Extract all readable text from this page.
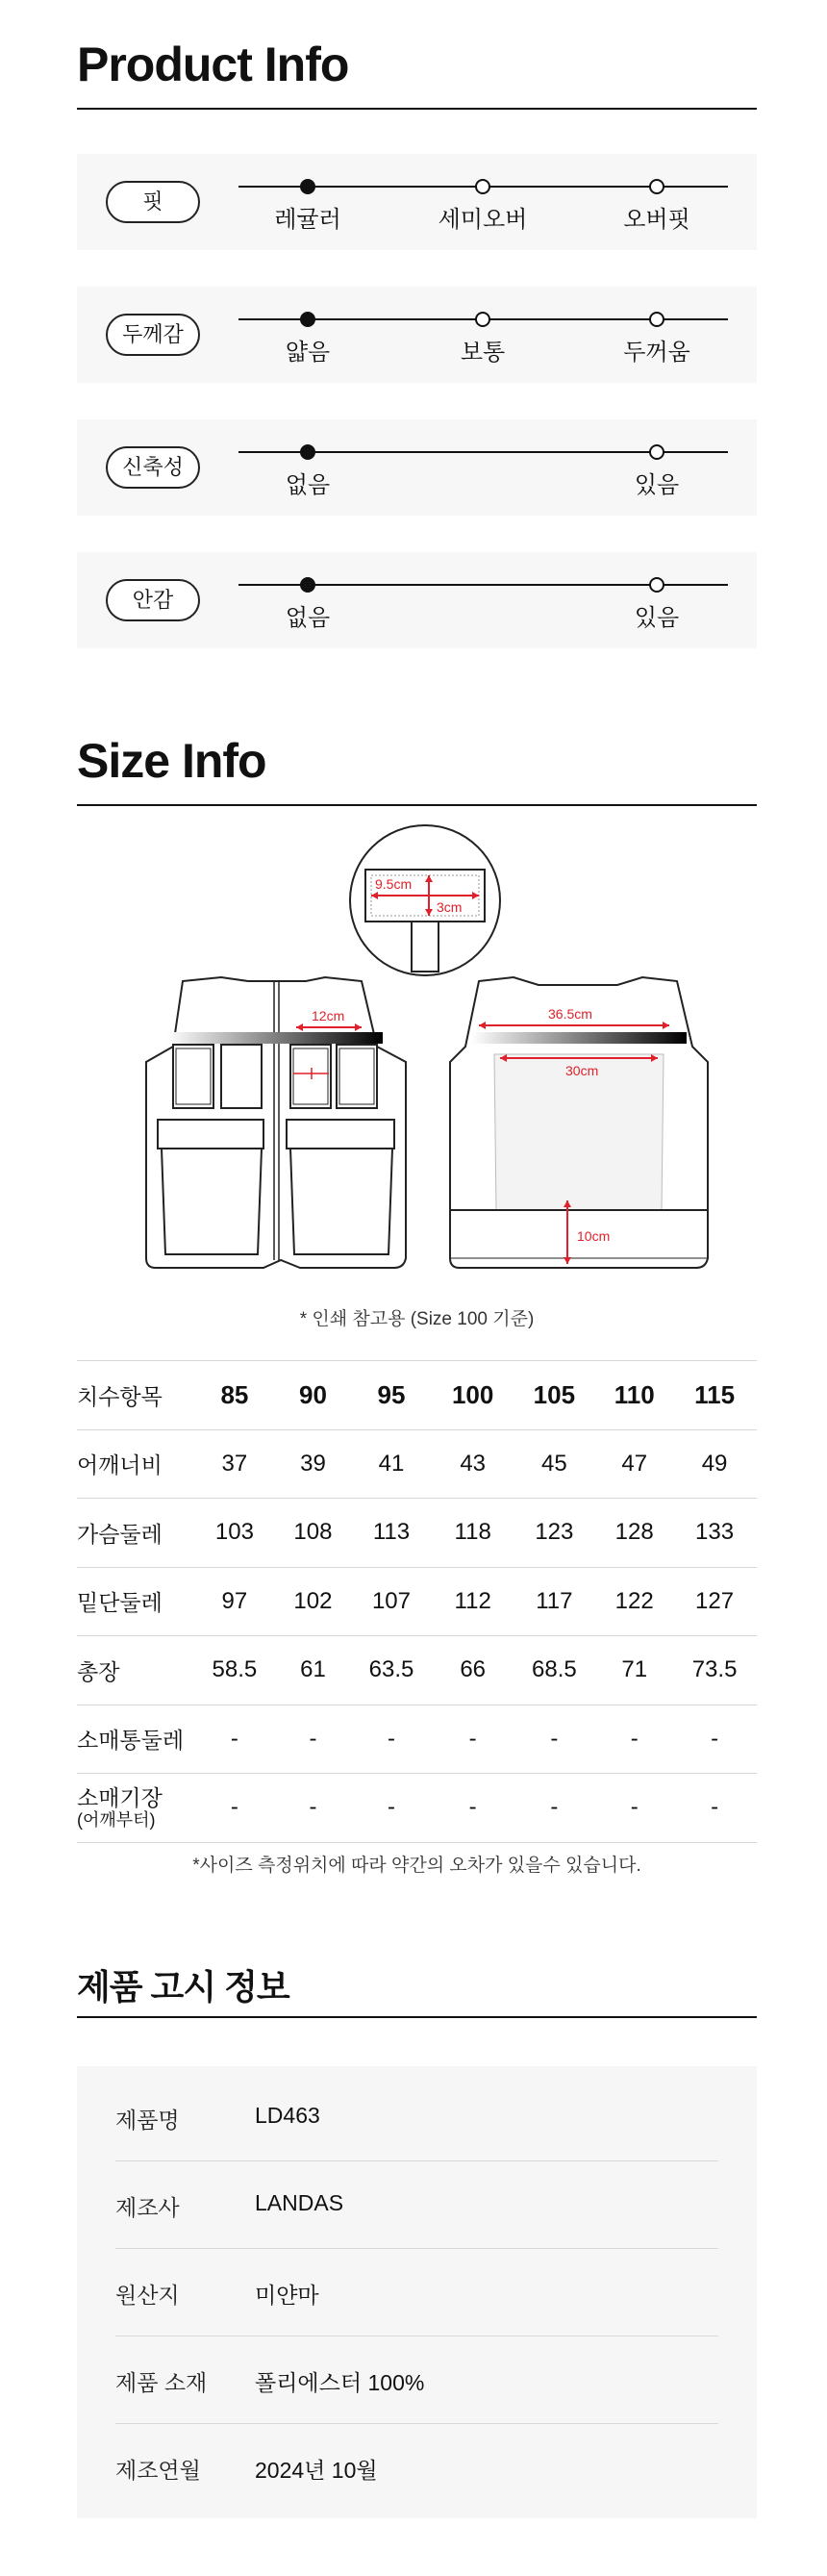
Product Info
핏
레귤러	세미오버	오버핏
두께감
얇음	보통	두꺼움
신축성
없음	있음
안감
없음	있음
Size Info
9.5cm
3cm
12cm	36.5cm
30cm
10cm
* 인쇄 참고용 (Size 100 기준)
치수항목	85	90	95	100	105	110	115
어깨너비	37	39	41	43	45	47	49
가슴둘레	103	108	113	118	123	128	133
밑단둘레	97	102	107	112	117	122	127
총장	58.5	61	63.5	66	68.5	71	73.5
소매통둘레	-	-	-	-	-	-	-

소매기장
(어깨부터)	-	-	-	-	-	-	-
*사이즈 측정위치에 따라 약간의 오차가 있을수 있습니다.
제품 고시 정보
제품명	LD463
제조사	LANDAS
원산지	미얀마
제품 소재 폴리에스터 100%
제조연월 2024년 10월
